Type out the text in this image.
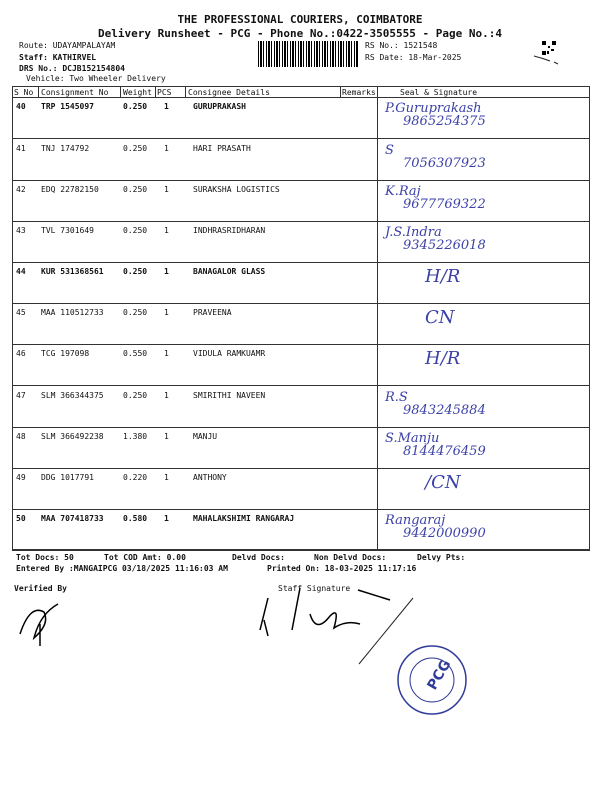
THE PROFESSIONAL COURIERS, COIMBATORE
Delivery Runsheet - PCG - Phone No.:0422-3505555 - Page No.:4
Route: UDAYAMPALAYAM
Staff: KATHIRVEL
DRS No.: DCJB152154804
Vehicle: Two Wheeler Delivery
RS No.: 1521548
RS Date: 18-Mar-2025
S No Consignment No Weight PCS Consignee Details	Remarks	Seal & Signature
40 TRP 1545097	0.250 1	GURUPRAKASH	P.Guruprakash
9865254375
41 TNJ 174792	0.250 1	HARI PRASATH	S
7056307923
42 EDQ 22782150	0.250 1	SURAKSHA LOGISTICS	K.Raj
9677769322
43 TVL 7301649	0.250 1	INDHRASRIDHARAN	J.S.Indra
9345226018
44 KUR 531368561 0.250 1	BANAGALOR GLASS	H/R
45 MAA 110512733 0.250 1	PRAVEENA	CN
46 TCG 197098	0.550 1	VIDULA RAMKUAMR	H/R
47 SLM 366344375 0.250 1	SMIRITHI NAVEEN	R.S
9843245884
48 SLM 366492238 1.380 1	MANJU	S.Manju
8144476459
49 DDG 1017791	0.220 1	ANTHONY	/CN
50 MAA 707418733 0.580 1	MAHALAKSHIMI RANGARAJ	Rangaraj
9442000990
Tot Docs: 50	Tot COD Amt: 0.00	Delvd Docs:	Non Delvd Docs:	Delvy Pts:
Entered By :MANGAIPCG 03/18/2025 11:16:03 AM	Printed On: 18-03-2025 11:17:16
Verified By	Staff Signature
PCG
